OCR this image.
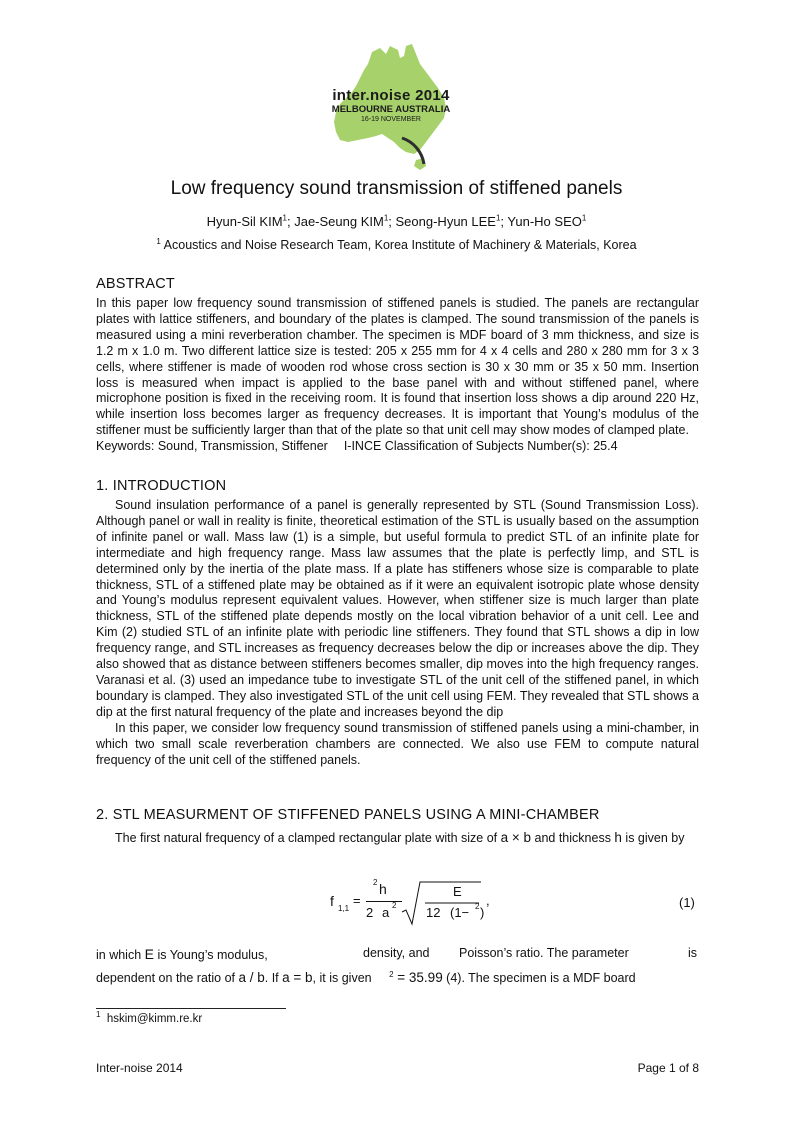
inter.noise 2014
MELBOURNE AUSTRALIA
16-19 NOVEMBER
Low frequency sound transmission of stiffened panels
Hyun-Sil KIM$^1$; Jae-Seung KIM$^1$; Seong-Hyun LEE$^1$; Yun-Ho SEO$^1$
$^1$ Acoustics and Noise Research Team, Korea Institute of Machinery & Materials, Korea
ABSTRACT

In this paper low frequency sound transmission of stiffened panels is studied. The panels are rectangular plates with lattice stiffeners, and boundary of the plates is clamped. The sound transmission of the panels is measured using a mini reverberation chamber. The specimen is MDF board of 3 mm thickness, and size is 1.2 m x 1.0 m. Two different lattice size is tested: 205 x 255 mm for 4 x 4 cells and 280 x 280 mm for 3 x 3 cells, where stiffener is made of wooden rod whose cross section is 30 x 30 mm or 35 x 50 mm. Insertion loss is measured when impact is applied to the base panel with and without stiffened panel, where microphone position is fixed in the receiving room. It is found that insertion loss shows a dip around 220 Hz, while insertion loss becomes larger as frequency decreases. It is important that Young’s modulus of the stiffener must be sufficiently larger than that of the plate so that unit cell may show modes of clamped plate.

Keywords: Sound, Transmission, Stiffener I-INCE Classification of Subjects Number(s): 25.4

1. INTRODUCTION

Sound insulation performance of a panel is generally represented by STL (Sound Transmission Loss). Although panel or wall in reality is finite, theoretical estimation of the STL is usually based on the assumption of infinite panel or wall. Mass law (1) is a simple, but useful formula to predict STL of an infinite plate for intermediate and high frequency range. Mass law assumes that the plate is perfectly limp, and STL is determined only by the inertia of the plate mass. If a plate has stiffeners whose size is comparable to plate thickness, STL of a stiffened plate may be obtained as if it were an equivalent isotropic plate whose density and Young’s modulus represent equivalent values. However, when stiffener size is much larger than plate thickness, STL of the stiffened plate depends mostly on the local vibration behavior of a unit cell. Lee and Kim (2) studied STL of an infinite plate with periodic line stiffeners. They found that STL shows a dip in low frequency range, and STL increases as frequency decreases below the dip or increases above the dip. They also showed that as distance between stiffeners becomes smaller, dip moves into the high frequency ranges. Varanasi et al. (3) used an impedance tube to investigate STL of the unit cell of the stiffened panel, in which boundary is clamped. They also investigated STL of the unit cell using FEM. They revealed that STL shows a dip at the first natural frequency of the plate and increases beyond the dip

In this paper, we consider low frequency sound transmission of stiffened panels using a mini-chamber, in which two small scale reverberation chambers are connected. We also use FEM to compute natural frequency of the unit cell of the stiffened panels.

2. STL MEASURMENT OF STIFFENED PANELS USING A MINI-CHAMBER

The first natural frequency of a clamped rectangular plate with size of a × b and thickness h is given by

f 1,1
=
2 h
2 a 2
E
12 (1− 2 )
,	(1)
in which E is Young’s modulus,	density, and Poisson’s ratio. The parameter	is
dependent on the ratio of a / b. If a = b, it is given $^2$ = 35.99 (4). The specimen is a MDF board
$^1$ hskim@kimm.re.kr
Inter-noise 2014	Page 1 of 8
